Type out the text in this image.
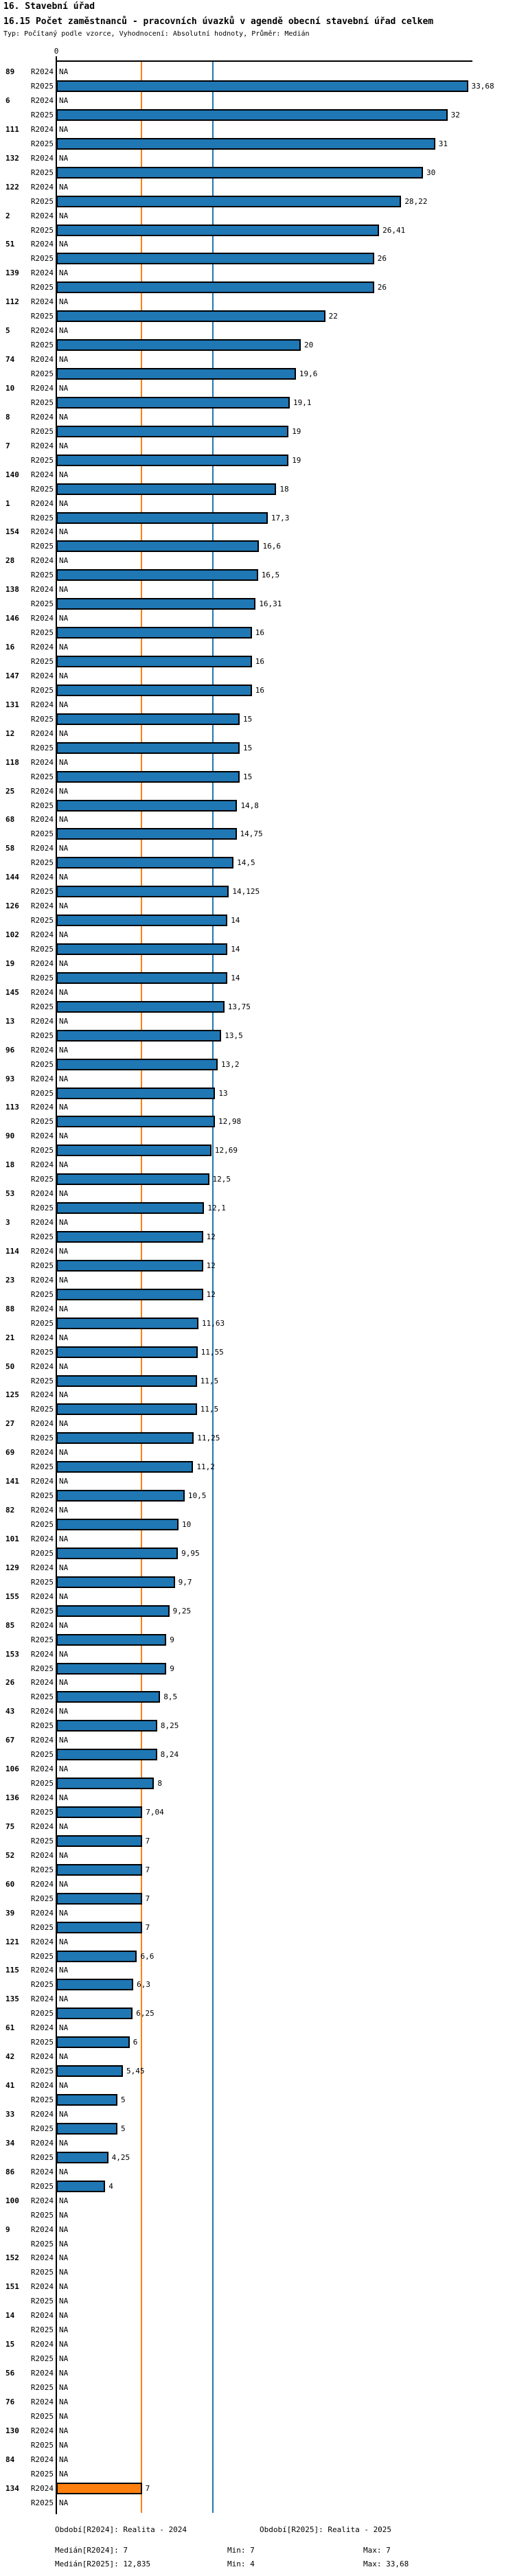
16. Stavební úřad
16.15 Počet zaměstnanců - pracovních úvazků v agendě obecní stavební úřad celkem
Typ: Počítaný podle vzorce, Vyhodnocení: Absolutní hodnoty, Průměr: Medián
0
89	R2024 NA
R2025	33,68
6	R2024 NA
R2025	32
111	R2024 NA
R2025	31
132	R2024 NA
R2025	30
122	R2024 NA
R2025	28,22
2	R2024 NA
R2025	26,41
51	R2024 NA
R2025	26
139	R2024 NA
R2025	26
112	R2024 NA
R2025	22
5	R2024 NA
R2025	20
74	R2024 NA
R2025	19,6
10	R2024 NA
R2025	19,1
8	R2024 NA
R2025	19
7	R2024 NA
R2025	19
140	R2024 NA
R2025	18
1	R2024 NA
R2025	17,3
154	R2024 NA
R2025	16,6
28	R2024 NA
R2025	16,5
138	R2024 NA
R2025	16,31
146	R2024 NA
R2025	16
16	R2024 NA
R2025	16
147	R2024 NA
R2025	16
131	R2024 NA
R2025	15
12	R2024 NA
R2025	15
118	R2024 NA
R2025	15
25	R2024 NA
R2025	14,8
68	R2024 NA
R2025	14,75
58	R2024 NA
R2025	14,5
144	R2024 NA
R2025	14,125
126	R2024 NA
R2025	14
102	R2024 NA
R2025	14
19	R2024 NA
R2025	14
145	R2024 NA
R2025	13,75
13	R2024 NA
R2025	13,5
96	R2024 NA
R2025	13,2
93	R2024 NA
R2025	13
113	R2024 NA
R2025	12,98
90	R2024 NA
R2025	12,69
18	R2024 NA
R2025	12,5
53	R2024 NA
R2025	12,1
3	R2024 NA
R2025	12
114	R2024 NA
R2025	12
23	R2024 NA
R2025	12
88	R2024 NA
R2025	11,63
21	R2024 NA
R2025	11,55
50	R2024 NA
R2025	11,5
125	R2024 NA
R2025	11,5
27	R2024 NA
R2025	11,25
69	R2024 NA
R2025	11,2
141	R2024 NA
R2025	10,5
82	R2024 NA
R2025	10
101	R2024 NA
R2025	9,95
129	R2024 NA
R2025	9,7
155	R2024 NA
R2025	9,25
85	R2024 NA
R2025	9
153	R2024 NA
R2025	9
26	R2024 NA
R2025	8,5
43	R2024 NA
R2025	8,25
67	R2024 NA
R2025	8,24
106	R2024 NA
R2025	8
136	R2024 NA
R2025	7,04
75	R2024 NA
R2025	7
52	R2024 NA
R2025	7
60	R2024 NA
R2025	7
39	R2024 NA
R2025	7
121	R2024 NA
R2025	6,6
115	R2024 NA
R2025	6,3
135	R2024 NA
R2025	6,25
61	R2024 NA
R2025	6
42	R2024 NA
R2025	5,45
41	R2024 NA
R2025	5
33	R2024 NA
R2025	5
34	R2024 NA
R2025	4,25
86	R2024 NA
R2025	4
100	R2024 NA
R2025 NA
9	R2024 NA
R2025 NA
152	R2024 NA
R2025 NA
151	R2024 NA
R2025 NA
14	R2024 NA
R2025 NA
15	R2024 NA
R2025 NA
56	R2024 NA
R2025 NA
76	R2024 NA
R2025 NA
130	R2024 NA
R2025 NA
84	R2024 NA
R2025 NA
134	R2024	7
R2025 NA
Období[R2024]: Realita - 2024	Období[R2025]: Realita - 2025
Medián[R2024]: 7	Min: 7	Max: 7
Medián[R2025]: 12,835	Min: 4	Max: 33,68
